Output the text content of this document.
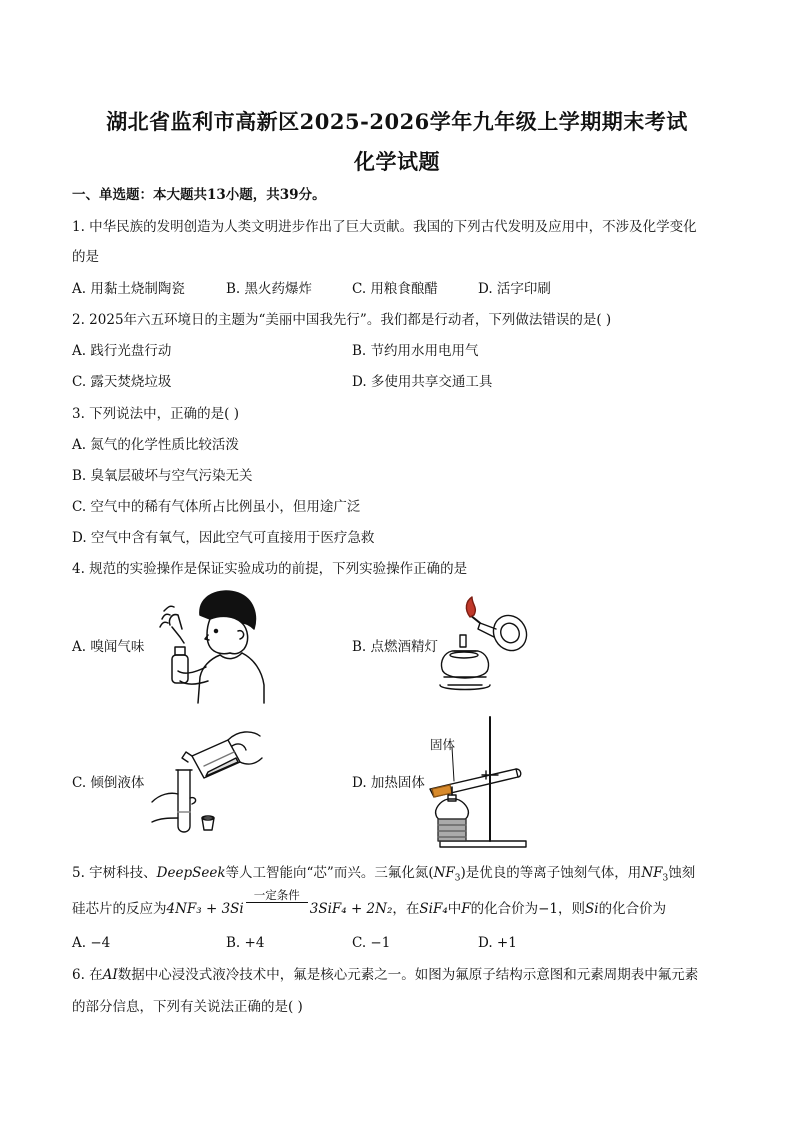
湖北省监利市高新区2025-2026学年九年级上学期期末考试
化学试题
一、单选题：本大题共13小题，共39分。
1. 中华民族的发明创造为人类文明进步作出了巨大贡献。我国的下列古代发明及应用中，不涉及化学变化
的是
A. 用黏土烧制陶瓷	B. 黑火药爆炸	C. 用粮食酿醋	D. 活字印刷
2. 2025年六五环境日的主题为“美丽中国我先行”。我们都是行动者，下列做法错误的是( )
A. 践行光盘行动	B. 节约用水用电用气
C. 露天焚烧垃圾	D. 多使用共享交通工具
3. 下列说法中，正确的是( )
A. 氮气的化学性质比较活泼
B. 臭氧层破坏与空气污染无关
C. 空气中的稀有气体所占比例虽小，但用途广泛
D. 空气中含有氧气，因此空气可直接用于医疗急救
4. 规范的实验操作是保证实验成功的前提，下列实验操作正确的是
A. 嗅闻气味	B. 点燃酒精灯
C. 倾倒液体	D. 加热固体
固体
5. 宇树科技、DeepSeek等人工智能向“芯”而兴。三氟化氮$(NF_3)$是优良的等离子蚀刻气体，用$NF_3$蚀刻
硅芯片的反应为4NF₃ + 3Si
一定条件
3SiF₄ + 2N₂，在SiF₄中F的化合价为−1，则Si的化合价为
A. −4	B. +4	C. −1	D. +1
6. 在AI数据中心浸没式液冷技术中，氟是核心元素之一。如图为氟原子结构示意图和元素周期表中氟元素
的部分信息，下列有关说法正确的是( )
